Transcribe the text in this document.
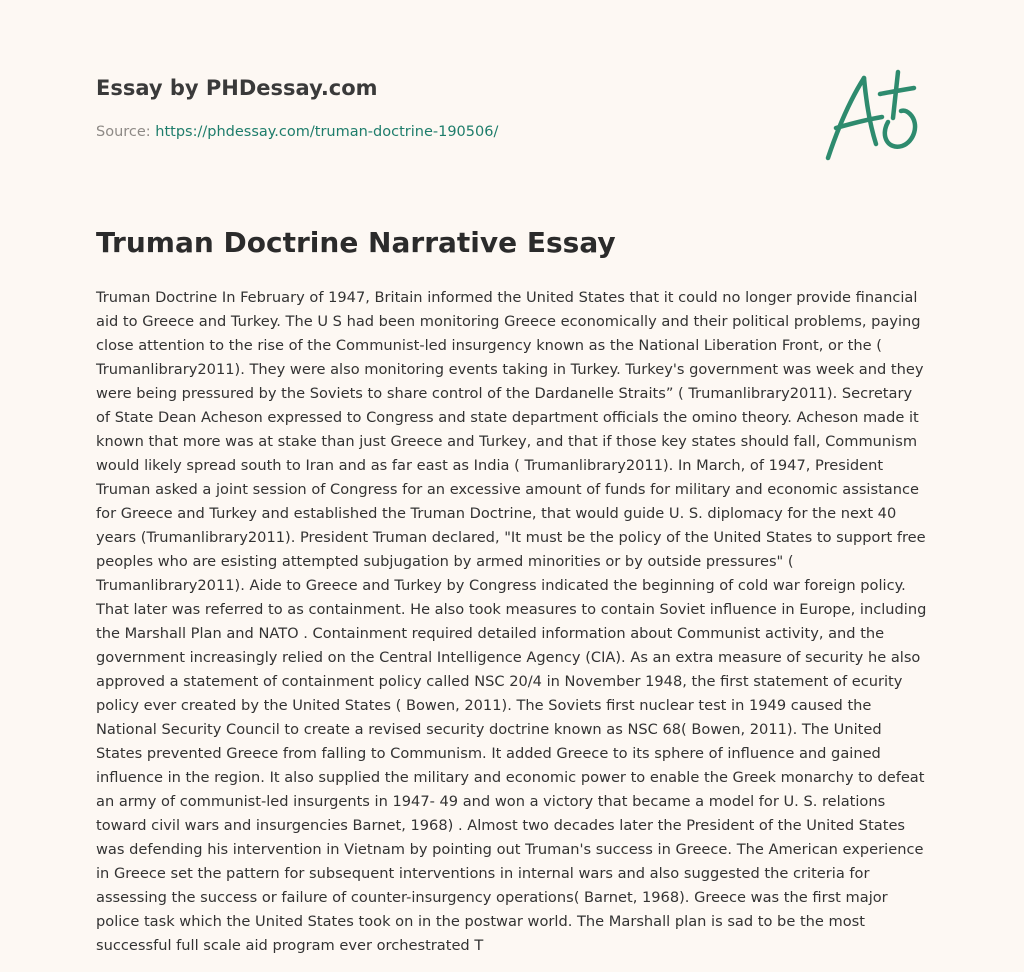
Essay by PHDessay.com
Source: https://phdessay.com/truman-doctrine-190506/
Truman Doctrine Narrative Essay

Truman Doctrine In February of 1947, Britain informed the United States that it could no longer provide financial aid to Greece and Turkey. The U S had been monitoring Greece economically and their political problems, paying close attention to the rise of the Communist-led insurgency known as the National Liberation Front, or the ( Trumanlibrary2011). They were also monitoring events taking in Turkey. Turkey's government was week and they were being pressured by the Soviets to share control of the Dardanelle Straits” ( Trumanlibrary2011). Secretary of State Dean Acheson expressed to Congress and state department officials the omino theory. Acheson made it known that more was at stake than just Greece and Turkey, and that if those key states should fall, Communism would likely spread south to Iran and as far east as India ( Trumanlibrary2011). In March, of 1947, President Truman asked a joint session of Congress for an excessive amount of funds for military and economic assistance for Greece and Turkey and established the Truman Doctrine, that would guide U. S. diplomacy for the next 40 years (Trumanlibrary2011). President Truman declared, "It must be the policy of the United States to support free peoples who are esisting attempted subjugation by armed minorities or by outside pressures" ( Trumanlibrary2011). Aide to Greece and Turkey by Congress indicated the beginning of cold war foreign policy. That later was referred to as containment. He also took measures to contain Soviet influence in Europe, including the Marshall Plan and NATO . Containment required detailed information about Communist activity, and the government increasingly relied on the Central Intelligence Agency (CIA). As an extra measure of security he also approved a statement of containment policy called NSC 20/4 in November 1948, the first statement of ecurity policy ever created by the United States ( Bowen, 2011). The Soviets first nuclear test in 1949 caused the National Security Council to create a revised security doctrine known as NSC 68( Bowen, 2011). The United States prevented Greece from falling to Communism. It added Greece to its sphere of influence and gained influence in the region. It also supplied the military and economic power to enable the Greek monarchy to defeat an army of communist-led insurgents in 1947- 49 and won a victory that became a model for U. S. relations toward civil wars and insurgencies Barnet, 1968) . Almost two decades later the President of the United States was defending his intervention in Vietnam by pointing out Truman's success in Greece. The American experience in Greece set the pattern for subsequent interventions in internal wars and also suggested the criteria for assessing the success or failure of counter-insurgency operations( Barnet, 1968). Greece was the first major police task which the United States took on in the postwar world. The Marshall plan is sad to be the most successful full scale aid program ever orchestrated T
